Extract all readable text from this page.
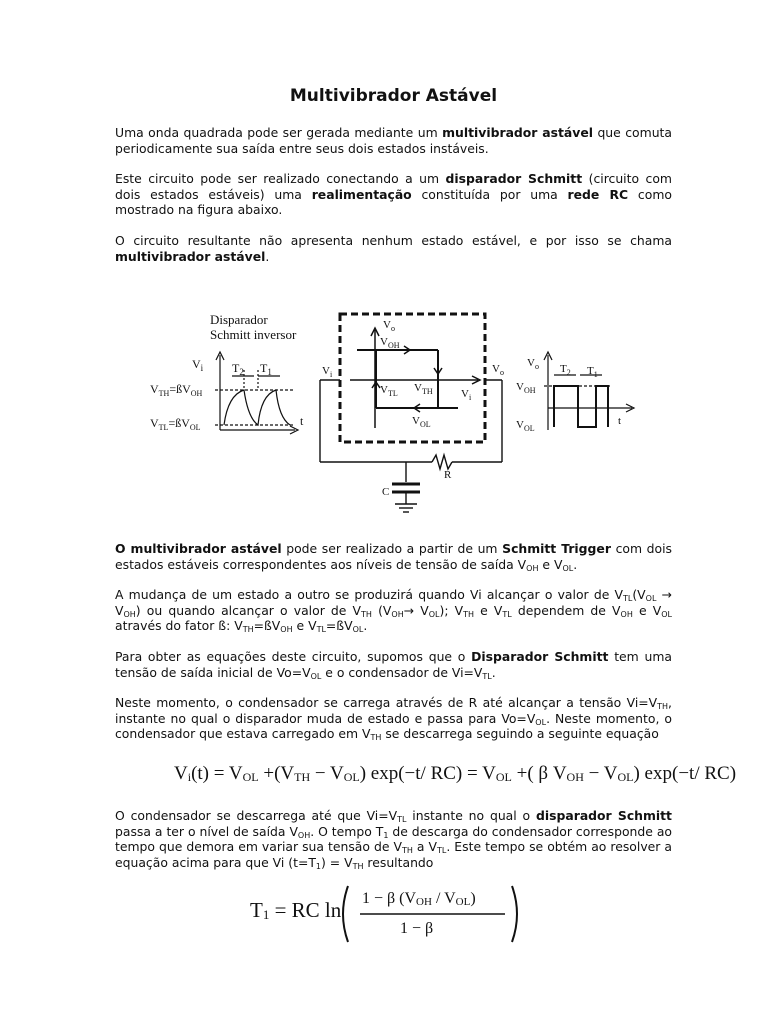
Multivibrador Astável

Uma onda quadrada pode ser gerada mediante um multivibrador astável que comuta periodicamente sua saída entre seus dois estados instáveis.

Este circuito pode ser realizado conectando a um disparador Schmitt (circuito com dois estados estáveis) uma realimentação constituída por uma rede RC como mostrado na figura abaixo.

O circuito resultante não apresenta nenhum estado estável, e por isso se chama multivibrador astável.

O multivibrador astável pode ser realizado a partir de um Schmitt Trigger com dois estados estáveis correspondentes aos níveis de tensão de saída $V_{OH}$ e $V_{OL}$.

A mudança de um estado a outro se produzirá quando Vi alcançar o valor de $V_{TL}(V_{OL} \to V_{OH})$ ou quando alcançar o valor de $V_{TH}$ $(V_{OH}\to V_{OL})$; $V_{TH}$ e $V_{TL}$ dependem de $V_{OH}$ e $V_{OL}$ através do fator ß: $V_{TH}=ßV_{OH}$ e $V_{TL}=ßV_{OL}$.

Para obter as equações deste circuito, supomos que o Disparador Schmitt tem uma tensão de saída inicial de $Vo=V_{OL}$ e o condensador de $Vi=V_{TL}$.

Neste momento, o condensador se carrega através de R até alcançar a tensão $Vi=V_{TH}$, instante no qual o disparador muda de estado e passa para $Vo=V_{OL}$. Neste momento, o condensador que estava carregado em $V_{TH}$ se descarrega seguindo a seguinte equação

O condensador se descarrega até que $Vi=V_{TL}$ instante no qual o disparador Schmitt passa a ter o nível de saída $V_{OH}$. O tempo $T_1$ de descarga do condensador corresponde ao tempo que demora em variar sua tensão de $V_{TH}$ a $V_{TL}$. Este tempo se obtém ao resolver a equação acima para que Vi $(t=T_1) = V_{TH}$ resultando

Disparador
Schmitt inversor
$V_i$ $T_2$ $T_1$
$V_{TH}=ßV_{OH}$
$V_{TL}=ßV_{OL}$	t
$V_o$
$V_{OH}$
$V_{TL}$ $V_{TH}$	$V_i$
$V_{OL}$
$V_i$	$V_o$
R
C
$V_o$ $T_2$ $T_1$
$V_{OH}$
$V_{OL}$
t
$V_i(t) = V_{OL} +(V_{TH} - V_{OL})$ exp(−t/ $RC) = V_{OL}$ +( β $V_{OH} - V_{OL}$) exp(−t/ RC)
$T_1$ = RC ln 1 − β $(V_{OH} / V_{OL})$
1 − β
